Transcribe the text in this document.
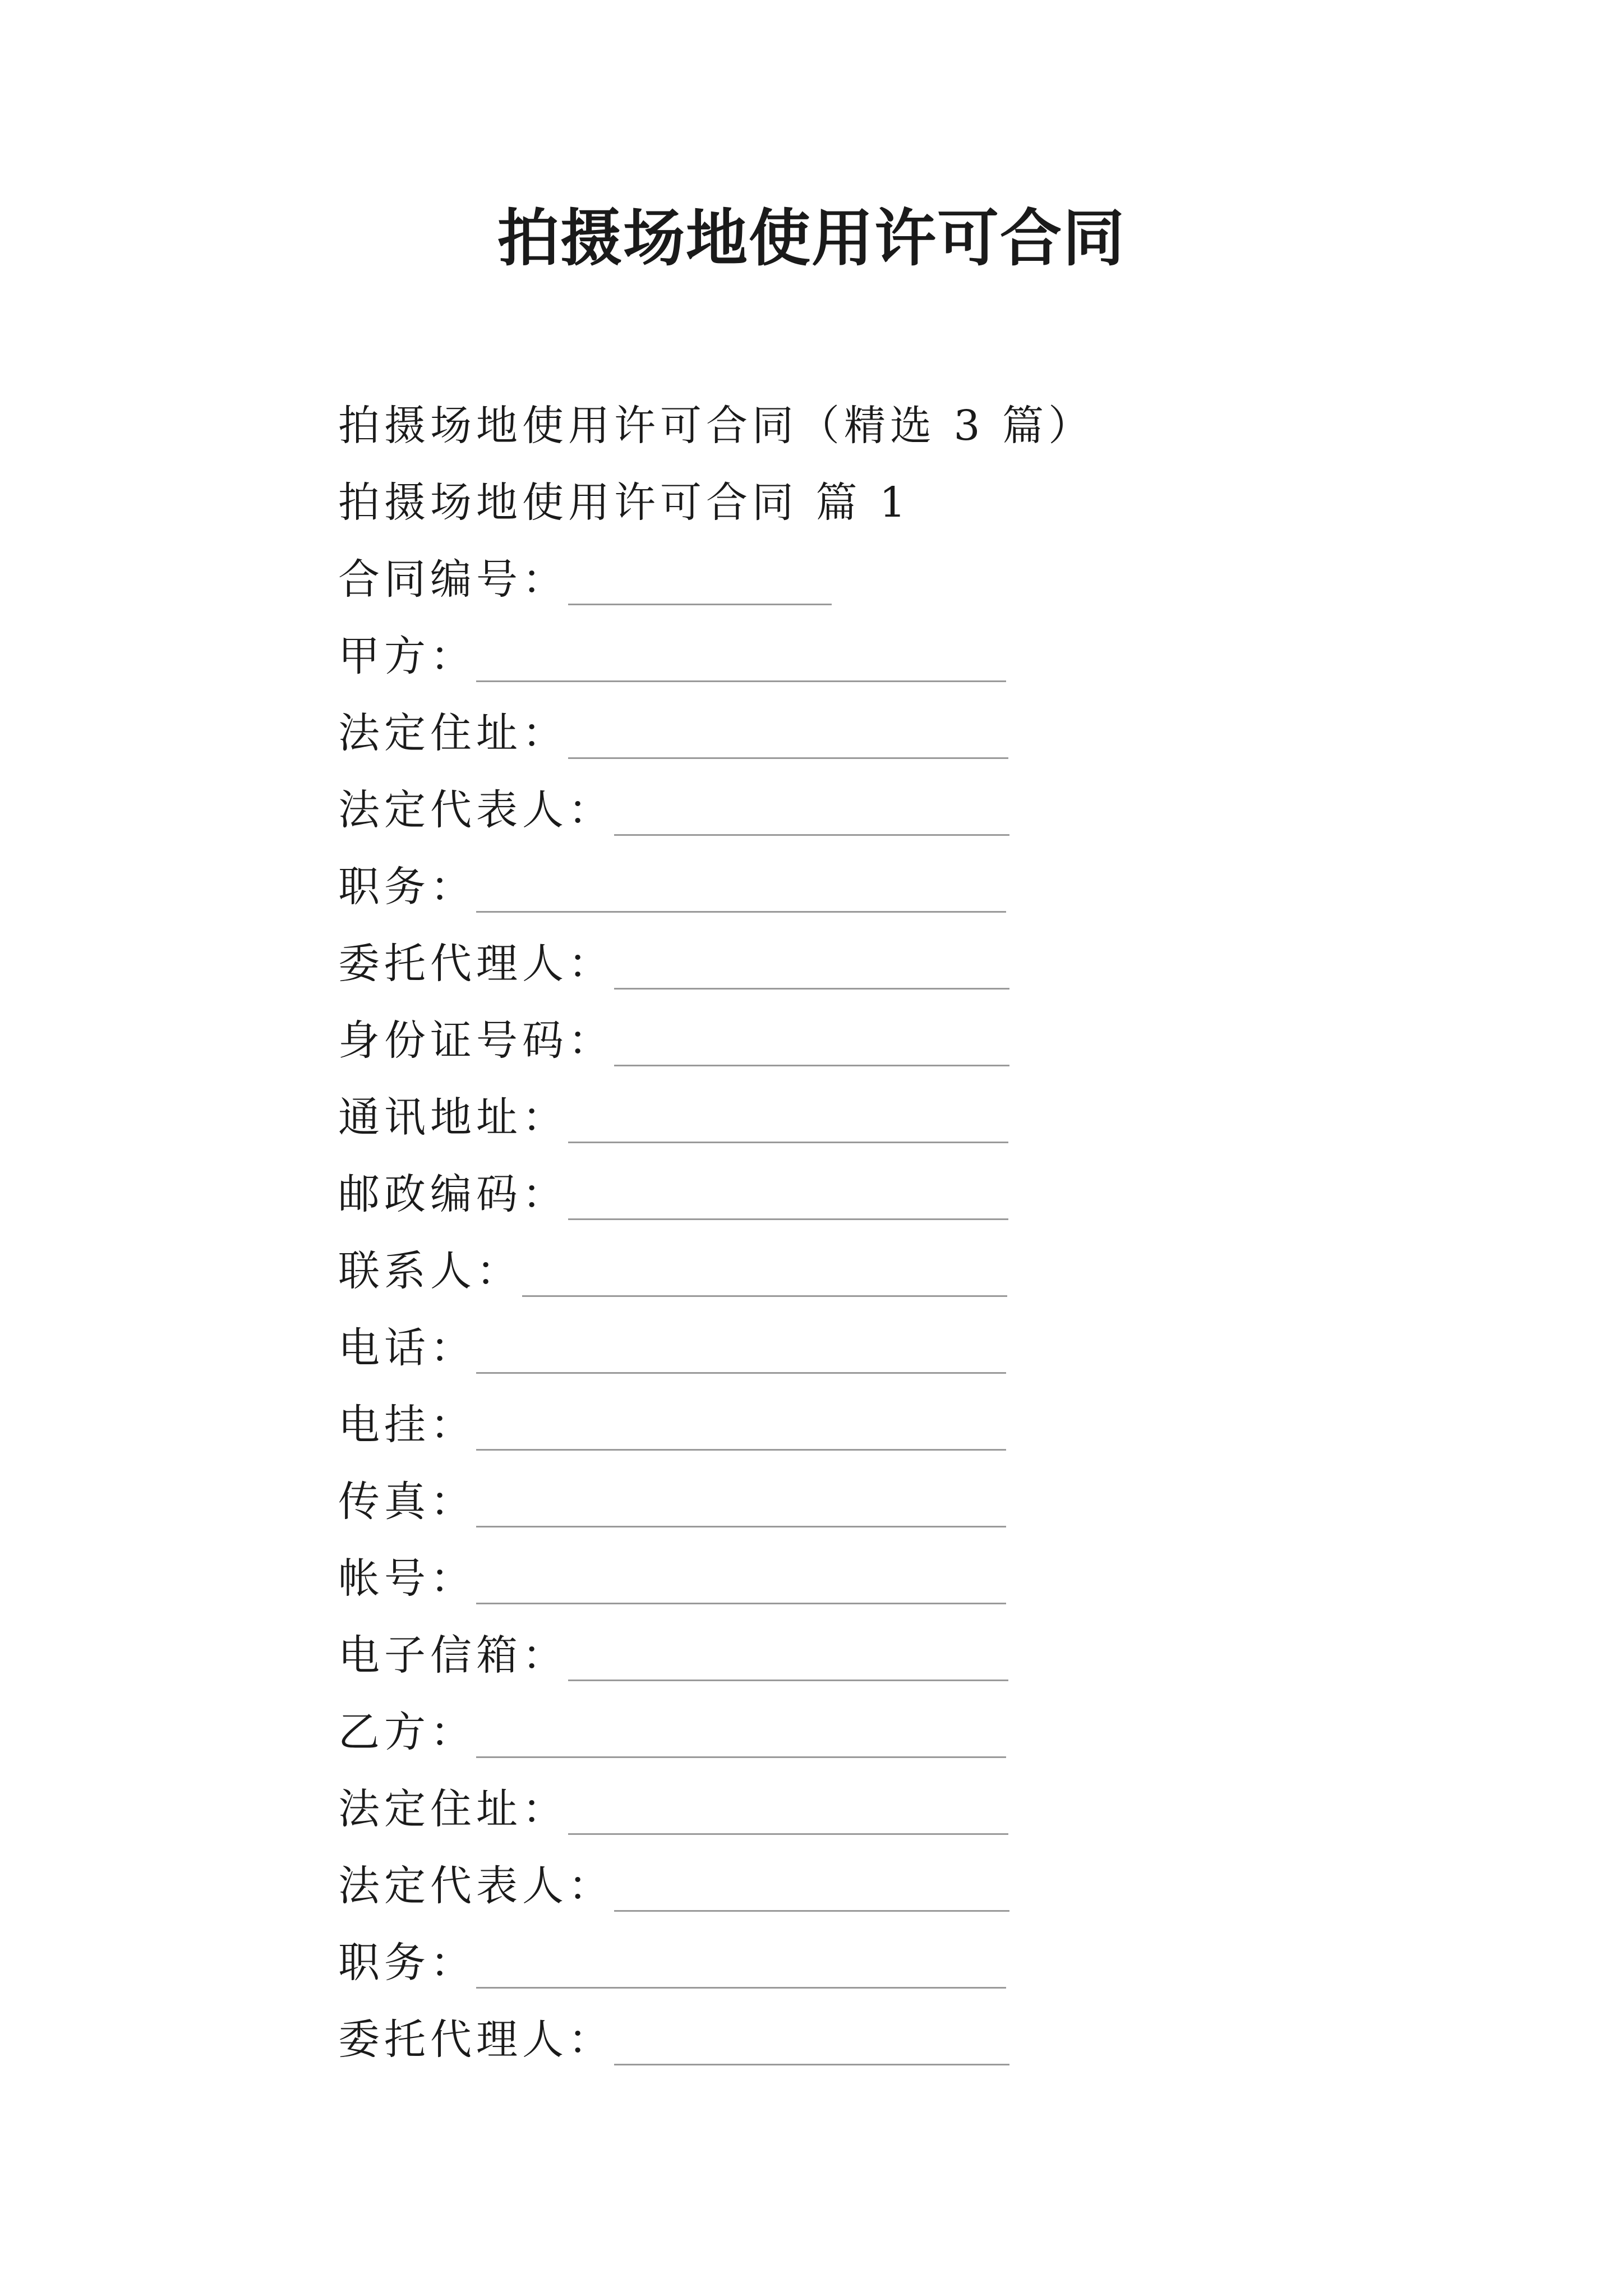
拍摄场地使用许可合同
拍摄场地使用许可合同（精选 3 篇）
拍摄场地使用许可合同 篇 1
合同编号：
甲方：
法定住址：
法定代表人：
职务：
委托代理人：
身份证号码：
通讯地址：
邮政编码：
联系人：
电话：
电挂：
传真：
帐号：
电子信箱：
乙方：
法定住址：
法定代表人：
职务：
委托代理人：
